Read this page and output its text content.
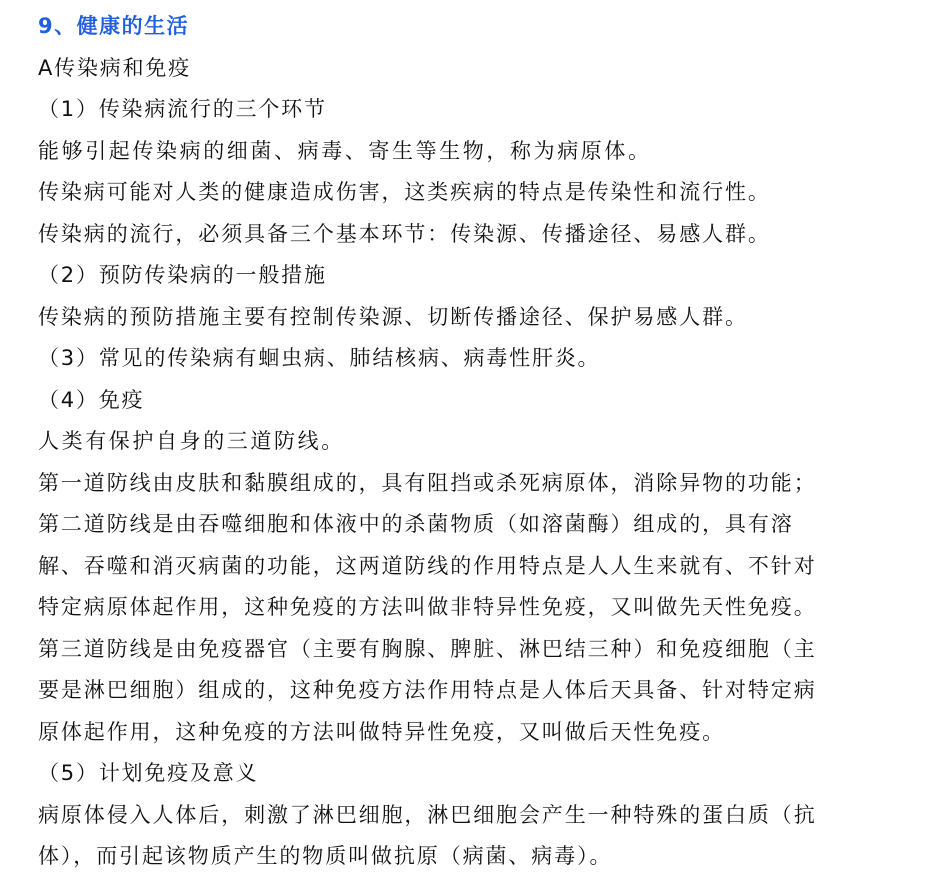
9、健康的生活
A传染病和免疫
（1）传染病流行的三个环节
能够引起传染病的细菌、病毒、寄生等生物，称为病原体。
传染病可能对人类的健康造成伤害，这类疾病的特点是传染性和流行性。
传染病的流行，必须具备三个基本环节：传染源、传播途径、易感人群。
（2）预防传染病的一般措施
传染病的预防措施主要有控制传染源、切断传播途径、保护易感人群。
（3）常见的传染病有蛔虫病、肺结核病、病毒性肝炎。
（4）免疫
人类有保护自身的三道防线。
第一道防线由皮肤和黏膜组成的，具有阻挡或杀死病原体，消除异物的功能；
第二道防线是由吞噬细胞和体液中的杀菌物质（如溶菌酶）组成的，具有溶
解、吞噬和消灭病菌的功能，这两道防线的作用特点是人人生来就有、不针对
特定病原体起作用，这种免疫的方法叫做非特异性免疫，又叫做先天性免疫。
第三道防线是由免疫器官（主要有胸腺、脾脏、淋巴结三种）和免疫细胞（主
要是淋巴细胞）组成的，这种免疫方法作用特点是人体后天具备、针对特定病
原体起作用，这种免疫的方法叫做特异性免疫，又叫做后天性免疫。
（5）计划免疫及意义
病原体侵入人体后，刺激了淋巴细胞，淋巴细胞会产生一种特殊的蛋白质（抗
体），而引起该物质产生的物质叫做抗原（病菌、病毒）。
